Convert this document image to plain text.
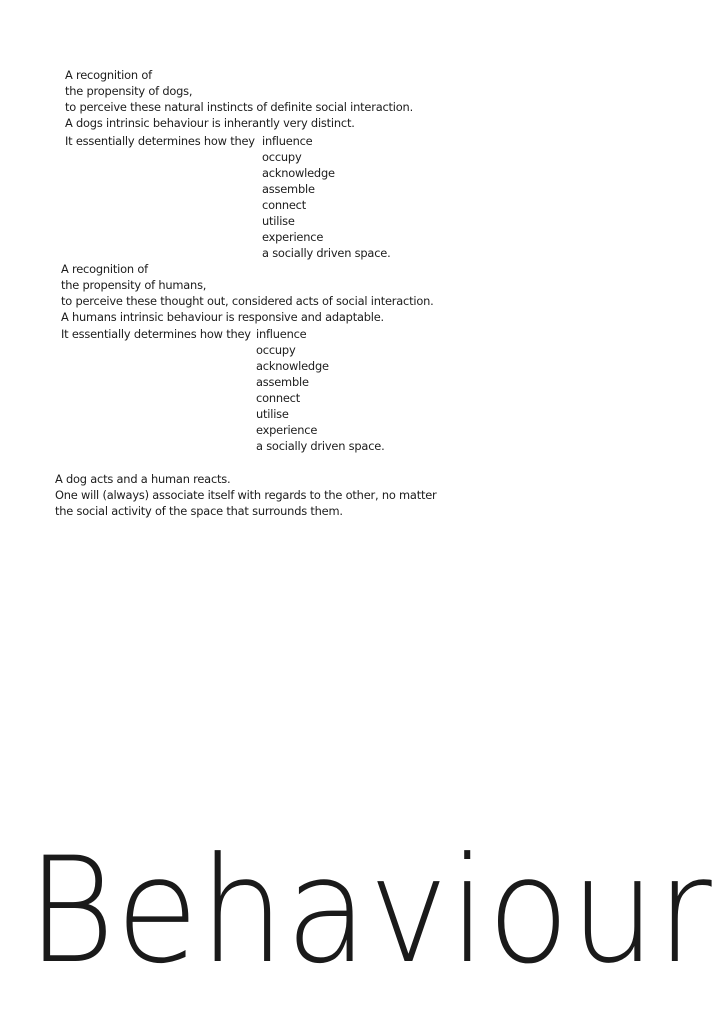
A recognition of
the propensity of dogs,
to perceive these natural instincts of definite social interaction.
A dogs intrinsic behaviour is inherantly very distinct.
It essentially determines how they influence
occupy
acknowledge
assemble
connect
utilise
experience
a socially driven space.
A recognition of
the propensity of humans,
to perceive these thought out, considered acts of social interaction.
A humans intrinsic behaviour is responsive and adaptable.
It essentially determines how they influence
occupy
acknowledge
assemble
connect
utilise
experience
a socially driven space.
A dog acts and a human reacts.
One will (always) associate itself with regards to the other, no matter
the social activity of the space that surrounds them.
Behaviour
